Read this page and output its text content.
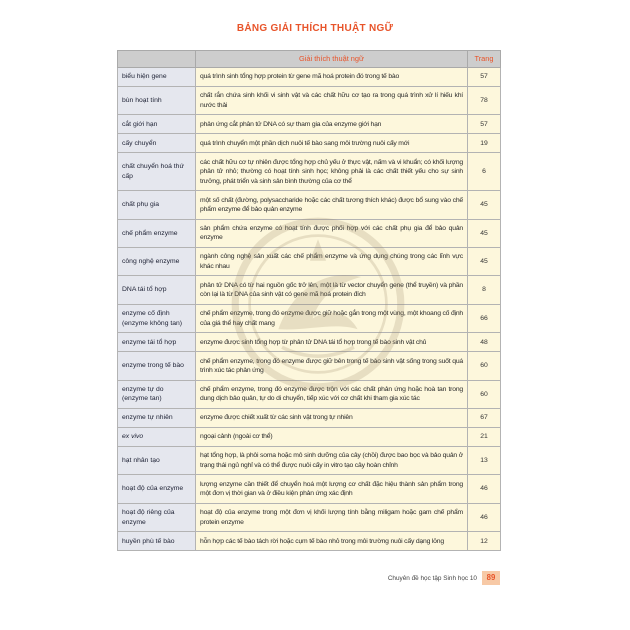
BẢNG GIẢI THÍCH THUẬT NGỮ
	Giải thích thuật ngữ	Trang
biểu hiện gene	quá trình sinh tổng hợp protein từ gene mã hoá protein đó trong tế bào	57
bùn hoạt tính	chất rắn chứa sinh khối vi sinh vật và các chất hữu cơ tạo ra trong quá trình xử lí hiếu khí nước thải	78
cắt giới hạn	phản ứng cắt phân tử DNA có sự tham gia của enzyme giới hạn	57
cấy chuyển	quá trình chuyển một phần dịch nuôi tế bào sang môi trường nuôi cấy mới	19
chất chuyển hoá thứ cấp	các chất hữu cơ tự nhiên được tổng hợp chủ yếu ở thực vật, nấm và vi khuẩn; có khối lượng phân tử nhỏ; thường có hoạt tính sinh học; không phải là các chất thiết yếu cho sự sinh trưởng, phát triển và sinh sản bình thường của cơ thể	6
chất phụ gia	một số chất (đường, polysaccharide hoặc các chất tương thích khác) được bổ sung vào chế phẩm enzyme để bảo quản enzyme	45
chế phẩm enzyme	sản phẩm chứa enzyme có hoạt tính được phối hợp với các chất phụ gia để bảo quản enzyme	45
công nghệ enzyme	ngành công nghệ sản xuất các chế phẩm enzyme và ứng dụng chúng trong các lĩnh vực khác nhau	45
DNA tái tổ hợp	phân tử DNA có từ hai nguồn gốc trở lên, một là từ vector chuyển gene (thể truyền) và phần còn lại là từ DNA của sinh vật có gene mã hoá protein đích	8
enzyme cố định (enzyme không tan)	chế phẩm enzyme, trong đó enzyme được giữ hoặc gắn trong một vùng, một khoang cố định của giá thể hay chất mang	66
enzyme tái tổ hợp	enzyme được sinh tổng hợp từ phân tử DNA tái tổ hợp trong tế bào sinh vật chủ	48
enzyme trong tế bào	chế phẩm enzyme, trong đó enzyme được giữ bên trong tế bào sinh vật sống trong suốt quá trình xúc tác phản ứng	60
enzyme tự do (enzyme tan)	chế phẩm enzyme, trong đó enzyme được trộn với các chất phản ứng hoặc hoà tan trong dung dịch bảo quản, tự do di chuyển, tiếp xúc với cơ chất khi tham gia xúc tác	60
enzyme tự nhiên	enzyme được chiết xuất từ các sinh vật trong tự nhiên	67
ex vivo	ngoại cảnh (ngoài cơ thể)	21
hạt nhân tạo	hạt tổng hợp, là phôi soma hoặc mô sinh dưỡng của cây (chồi) được bao bọc và bảo quản ở trạng thái ngủ nghỉ và có thể được nuôi cấy in vitro tạo cây hoàn chỉnh	13
hoạt độ của enzyme	lượng enzyme cần thiết để chuyển hoá một lượng cơ chất đặc hiệu thành sản phẩm trong một đơn vị thời gian và ở điều kiện phản ứng xác định	46
hoạt độ riêng của enzyme	hoạt độ của enzyme trong một đơn vị khối lượng tính bằng miligam hoặc gam chế phẩm protein enzyme	46
huyền phù tế bào	hỗn hợp các tế bào tách rời hoặc cụm tế bào nhỏ trong môi trường nuôi cấy dạng lỏng	12
Chuyên đề học tập Sinh học 10	89
